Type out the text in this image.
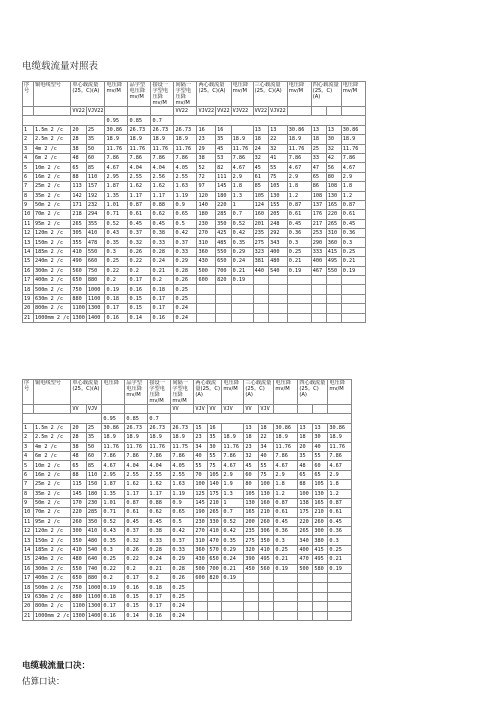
电缆载流量对照表
序号	铜电线型号	单心载流量(25。C)(A)		电压降mv/M	品字型电压降mv/M	接设一字型电压降mv/M	间隔一字型电压降mv/M	两心载流量(25。C)(A)		电压降mv/M	三心载流量(25。C)(A)		电压降mv/M	四心载流量(25。C)(A)		电压降mv/M
		VV22	VJV22				VV22	VJV22	VV22	VJV22	VV22	VJV22				
				0.95	0.85	0.7										
1	1.5m 2 /c	20	25	30.86	26.73	26.73	26.73	16	16		13	13	30.86	13	13	30.86
2	2.5m 2 /c	28	35	18.9	18.9	18.9	18.9	23	35	18.9	18	22	18.9	18	30	18.9
3	4m 2 /c	38	50	11.76	11.76	11.76	11.76	29	45	11.76	24	32	11.76	25	32	11.76
4	6m 2 /c	48	60	7.86	7.86	7.86	7.86	38	53	7.86	32	41	7.86	33	42	7.86
5	10m 2 /c	65	85	4.67	4.04	4.04	4.05	52	82	4.67	45	55	4.67	47	56	4.67
6	16m 2 /c	88	110	2.95	2.55	2.56	2.55	72	111	2.9	61	75	2.9	65	80	2.9
7	25m 2 /c	113	157	1.87	1.62	1.62	1.63	97	145	1.8	85	105	1.8	86	108	1.8
8	35m 2 /c	142	192	1.35	1.17	1.17	1.19	120	180	1.3	105	130	1.2	108	130	1.2
9	50m 2 /c	171	232	1.01	0.87	0.88	0.9	140	220	1	124	155	0.87	137	165	0.87
10	70m 2 /c	218	294	0.71	0.61	0.62	0.65	180	285	0.7	160	205	0.61	176	220	0.61
11	95m 2 /c	265	355	0.52	0.45	0.45	0.5	230	350	0.52	201	248	0.45	217	265	0.45
12	120m 2 /c	305	410	0.43	0.37	0.38	0.42	270	425	0.42	235	292	0.36	253	310	0.36
13	150m 2 /c	355	478	0.35	0.32	0.33	0.37	310	485	0.35	275	343	0.3	290	360	0.3
14	185m 2 /c	410	550	0.3	0.26	0.28	0.33	360	550	0.29	323	400	0.25	333	415	0.25
15	240m 2 /c	490	660	0.25	0.22	0.24	0.29	430	650	0.24	381	480	0.21	400	495	0.21
16	300m 2 /c	560	750	0.22	0.2	0.21	0.28	500	700	0.21	440	540	0.19	467	550	0.19
17	400m 2 /c	650	880	0.2	0.17	0.2	0.26	600	820	0.19						
18	500m 2 /c	750	1000	0.19	0.16	0.18	0.25									
19	630m 2 /c	880	1100	0.18	0.15	0.17	0.25									
20	800m 2 /c	1100	1300	0.17	0.15	0.17	0.24									
21	1000mm 2 /c	1300	1400	0.16	0.14	0.16	0.24									
序号	铜电线型号	单心载流量(25。C)(A)		电压降	品字型电压降mv/M	接设一字型电压降mv/M	间隔一字型电压降mv/M	两心载流量(25。C)(A)		电压降mv/M	三心载流量(25。C)(A)		电压降mv/M	四心载流量(25。C)(A)		电压降mv/M
		VV	VJV				VV	VJV	VV	VJV	VV	VJV				
				0.95	0.85	0.7										
1	1.5m 2 /c	20	25	30.86	26.73	26.73	26.73	15	16		13	18	30.86	13	13	30.86
2	2.5m 2 /c	28	35	18.9	18.9	18.9	18.9	23	35	18.9	18	22	18.9	18	30	18.9
3	4m 2 /c	38	50	11.76	11.76	11.76	11.75	34	30	11.76	23	34	11.76	20	40	11.76
4	6m 2 /c	48	60	7.86	7.86	7.86	7.86	40	55	7.86	32	40	7.86	35	55	7.86
5	10m 2 /c	65	85	4.67	4.04	4.04	4.05	55	75	4.67	45	55	4.67	48	60	4.67
6	16m 2 /c	88	110	2.95	2.55	2.55	2.55	70	105	2.9	60	75	2.9	65	65	2.9
7	25m 2 /c	115	150	1.87	1.62	1.62	1.63	100	140	1.9	80	100	1.8	88	105	1.8
8	35m 2 /c	145	180	1.35	1.17	1.17	1.19	125	175	1.3	105	130	1.2	100	130	1.2
9	50m 2 /c	170	230	1.01	0.87	0.88	0.9	145	210	1	130	160	0.87	138	165	0.87
10	70m 2 /c	220	285	0.71	0.61	0.62	0.65	190	265	0.7	165	210	0.61	175	210	0.61
11	95m 2 /c	260	350	0.52	0.45	0.45	0.5	230	330	0.52	200	260	0.45	220	260	0.45
12	120m 2 /c	300	410	0.43	0.37	0.38	0.42	270	410	0.42	235	306	0.36	265	300	0.36
13	150m 2 /c	350	480	0.35	0.32	0.33	0.37	310	470	0.35	275	350	0.3	340	380	0.3
14	185m 2 /c	410	540	0.3	0.26	0.28	0.33	360	570	0.29	320	410	0.25	400	415	0.25
15	240m 2 /c	480	640	0.25	0.22	0.24	0.29	430	650	0.24	390	495	0.21	470	495	0.21
16	300m 2 /c	550	740	0.22	0.2	0.21	0.28	500	700	0.21	450	560	0.19	500	580	0.19
17	400m 2 /c	650	880	0.2	0.17	0.2	0.26	600	820	0.19						
18	500m 2 /c	750	1000	0.19	0.16	0.18	0.25									
19	630m 2 /c	880	1100	0.18	0.15	0.17	0.25									
20	800m 2 /c	1100	1300	0.17	0.15	0.17	0.24									
21	1000mm 2 /c	1300	1400	0.16	0.14	0.16	0.24									
电缆载流量口决：
估算口诀：
